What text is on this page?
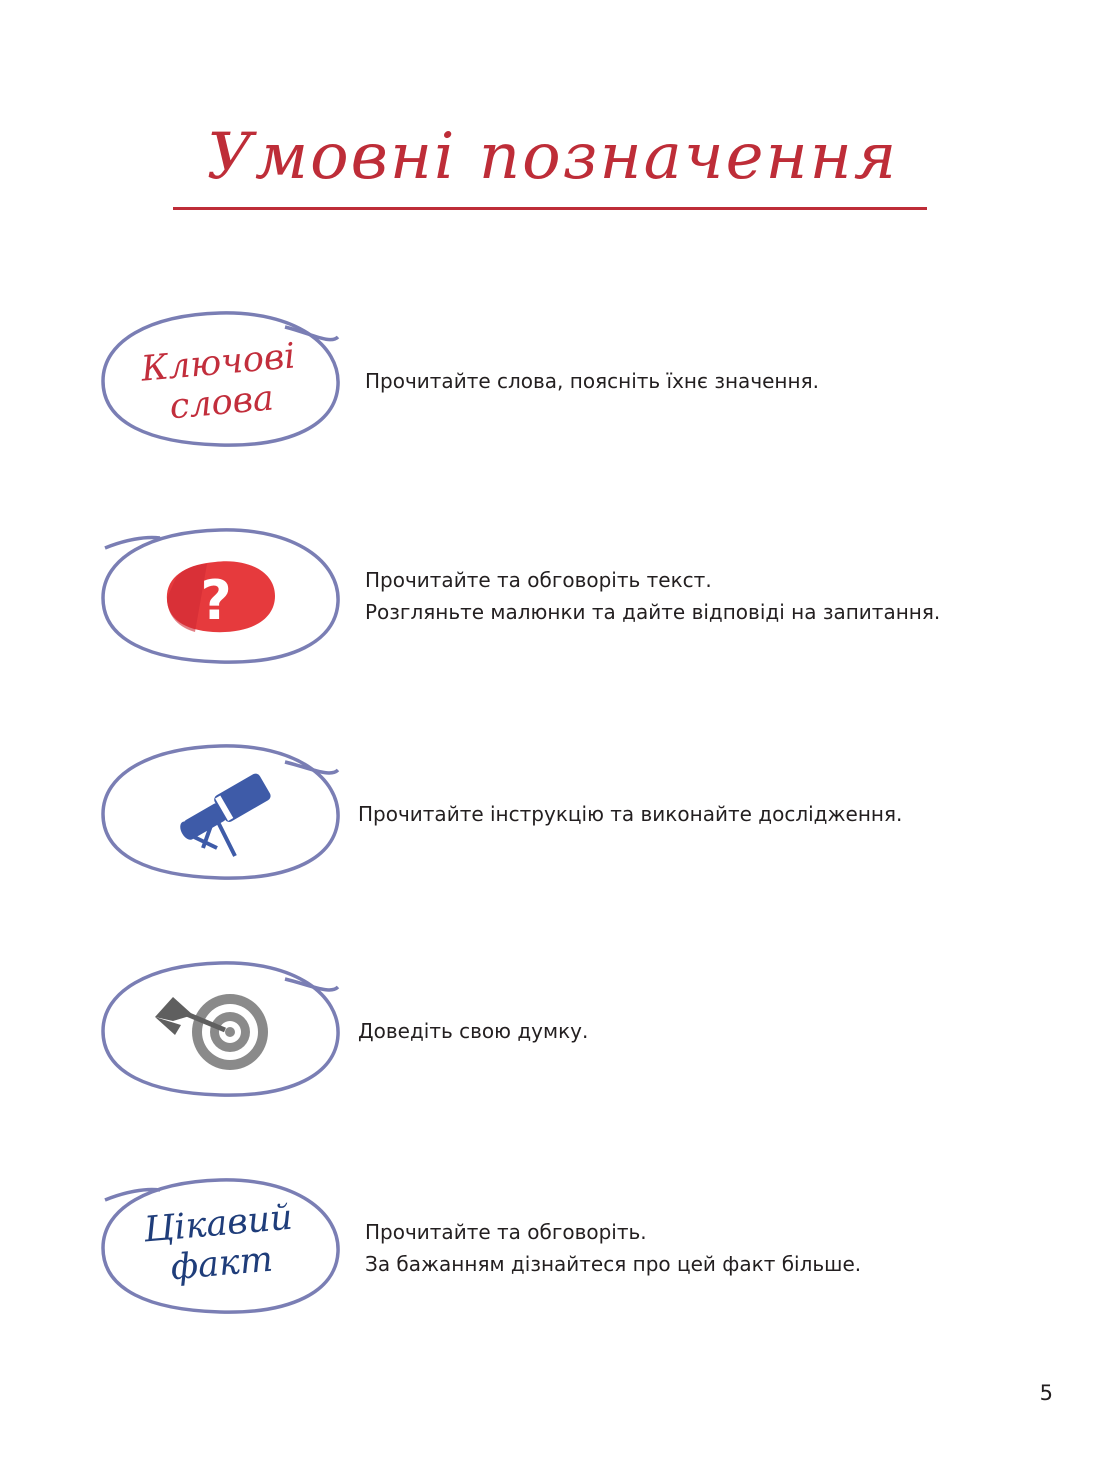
Умовні позначення
Ключові
слова	Прочитайте слова, поясніть їхнє значення.
?	Прочитайте та обговоріть текст.
Розгляньте малюнки та дайте відповіді на запитання.
Прочитайте інструкцію та виконайте дослідження.
Доведіть свою думку.
Цікавий
факт
Прочитайте та обговоріть.
За бажанням дізнайтеся про цей факт більше.
5
